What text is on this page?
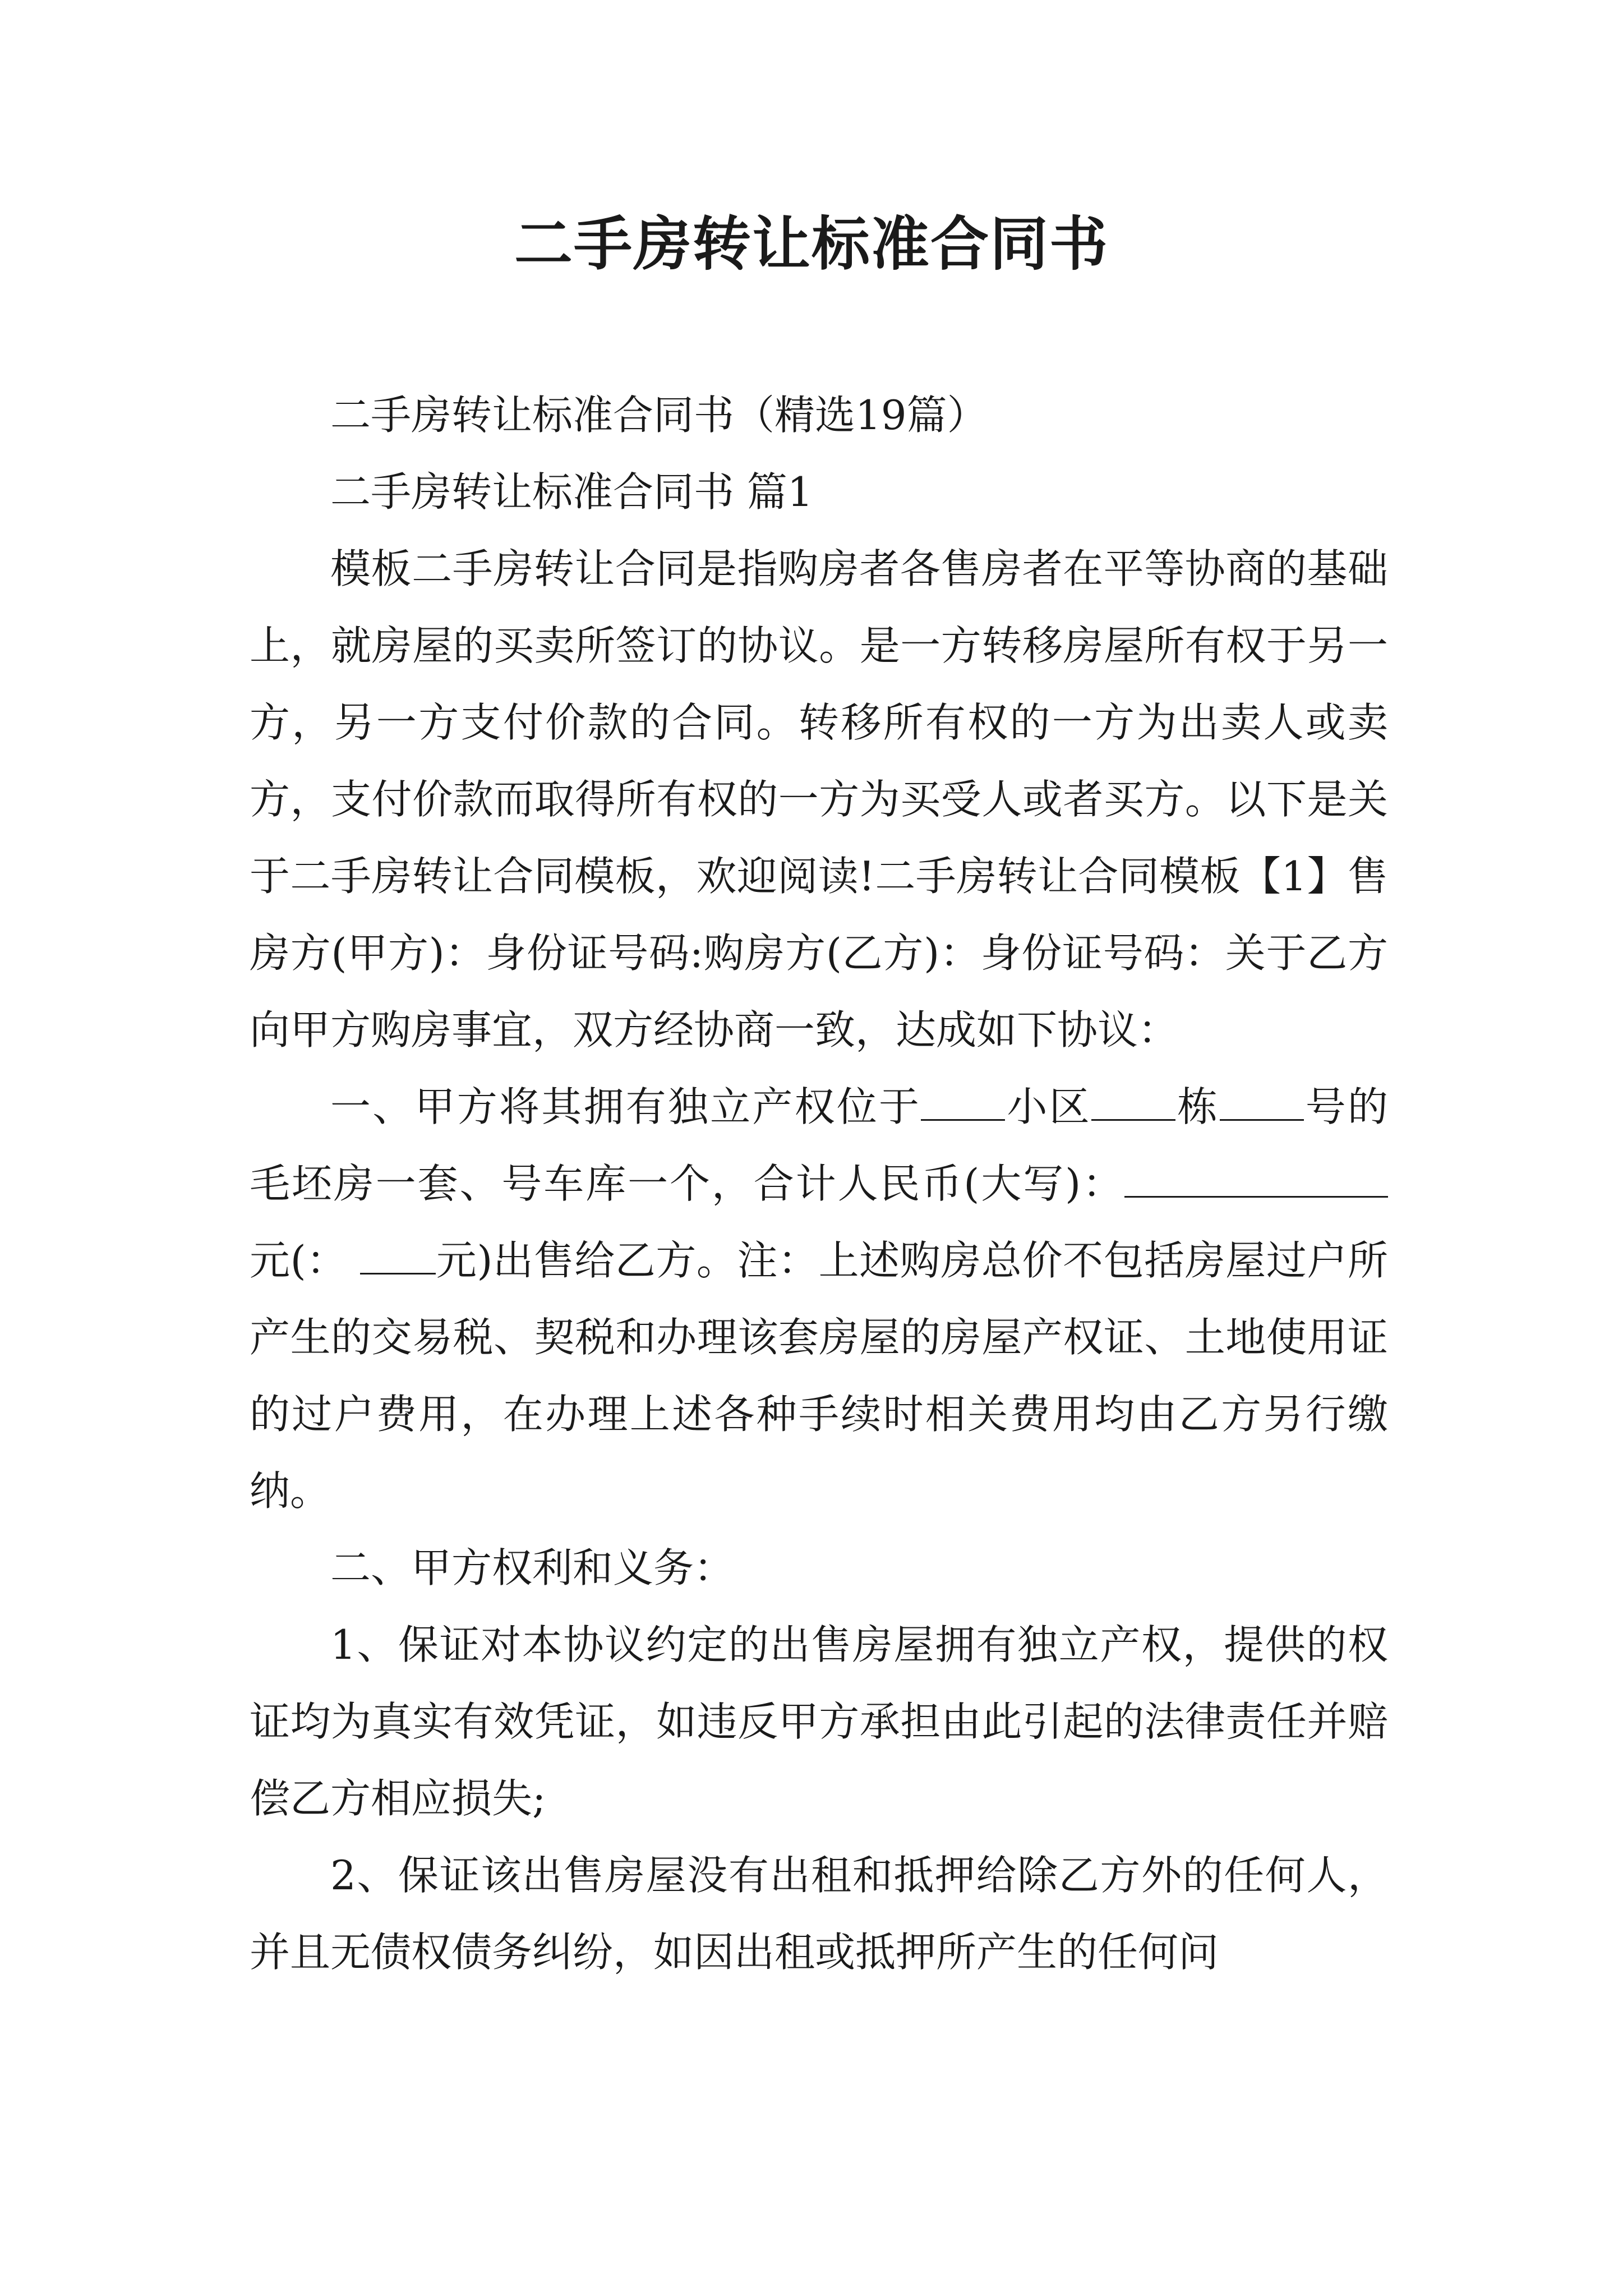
二手房转让标准合同书

二手房转让标准合同书（精选19篇）

二手房转让标准合同书 篇1

模板二手房转让合同是指购房者各售房者在平等协商的基础上，就房屋的买卖所签订的协议。是一方转移房屋所有权于另一方，另一方支付价款的合同。转移所有权的一方为出卖人或卖方，支付价款而取得所有权的一方为买受人或者买方。以下是关于二手房转让合同模板，欢迎阅读!二手房转让合同模板【1】售房方(甲方)：身份证号码:购房方(乙方)：身份证号码：关于乙方向甲方购房事宜，双方经协商一致，达成如下协议：

一、甲方将其拥有独立产权位于 小区 栋 号的毛坯房一套、号车库一个，合计人民币(大写)：元(： 元)出售给乙方。注：上述购房总价不包括房屋过户所产生的交易税、契税和办理该套房屋的房屋产权证、土地使用证的过户费用，在办理上述各种手续时相关费用均由乙方另行缴纳。

二、甲方权利和义务：

1、保证对本协议约定的出售房屋拥有独立产权，提供的权证均为真实有效凭证，如违反甲方承担由此引起的法律责任并赔偿乙方相应损失;

2、保证该出售房屋没有出租和抵押给除乙方外的任何人，并且无债权债务纠纷，如因出租或抵押所产生的任何问
